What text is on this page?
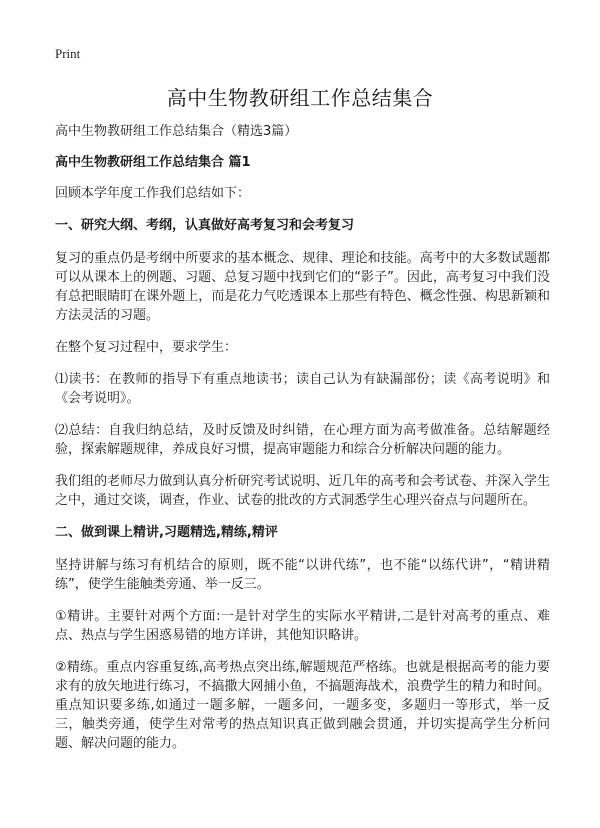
Print
高中生物教研组工作总结集合

高中生物教研组工作总结集合（精选3篇）

高中生物教研组工作总结集合 篇1

回顾本学年度工作我们总结如下：

一、研究大纲、考纲，认真做好高考复习和会考复习

复习的重点仍是考纲中所要求的基本概念、规律、理论和技能。高考中的大多数试题都可以从课本上的例题、习题、总复习题中找到它们的“影子”。因此，高考复习中我们没有总把眼睛盯在课外题上，而是花力气吃透课本上那些有特色、概念性强、构思新颖和方法灵活的习题。

在整个复习过程中，要求学生：

⑴读书：在教师的指导下有重点地读书；读自己认为有缺漏部份；读《高考说明》和《会考说明》。

⑵总结：自我归纳总结，及时反馈及时纠错，在心理方面为高考做准备。总结解题经验，探索解题规律，养成良好习惯，提高审题能力和综合分析解决问题的能力。

我们组的老师尽力做到认真分析研究考试说明、近几年的高考和会考试卷、并深入学生之中，通过交谈，调查，作业、试卷的批改的方式洞悉学生心理兴奋点与问题所在。

二、做到课上精讲,习题精选,精练,精评

坚持讲解与练习有机结合的原则，既不能“以讲代练”，也不能“以练代讲”，“精讲精练”，使学生能触类旁通、举一反三。

①精讲。主要针对两个方面:一是针对学生的实际水平精讲,二是针对高考的重点、难点、热点与学生困惑易错的地方详讲，其他知识略讲。

②精练。重点内容重复练,高考热点突出练,解题规范严格练。也就是根据高考的能力要求有的放矢地进行练习，不搞撒大网捕小鱼，不搞题海战术，浪费学生的精力和时间。重点知识要多练,如通过一题多解，一题多问，一题多变，多题归一等形式，举一反三，触类旁通，使学生对常考的热点知识真正做到融会贯通，并切实提高学生分析问题、解决问题的能力。
